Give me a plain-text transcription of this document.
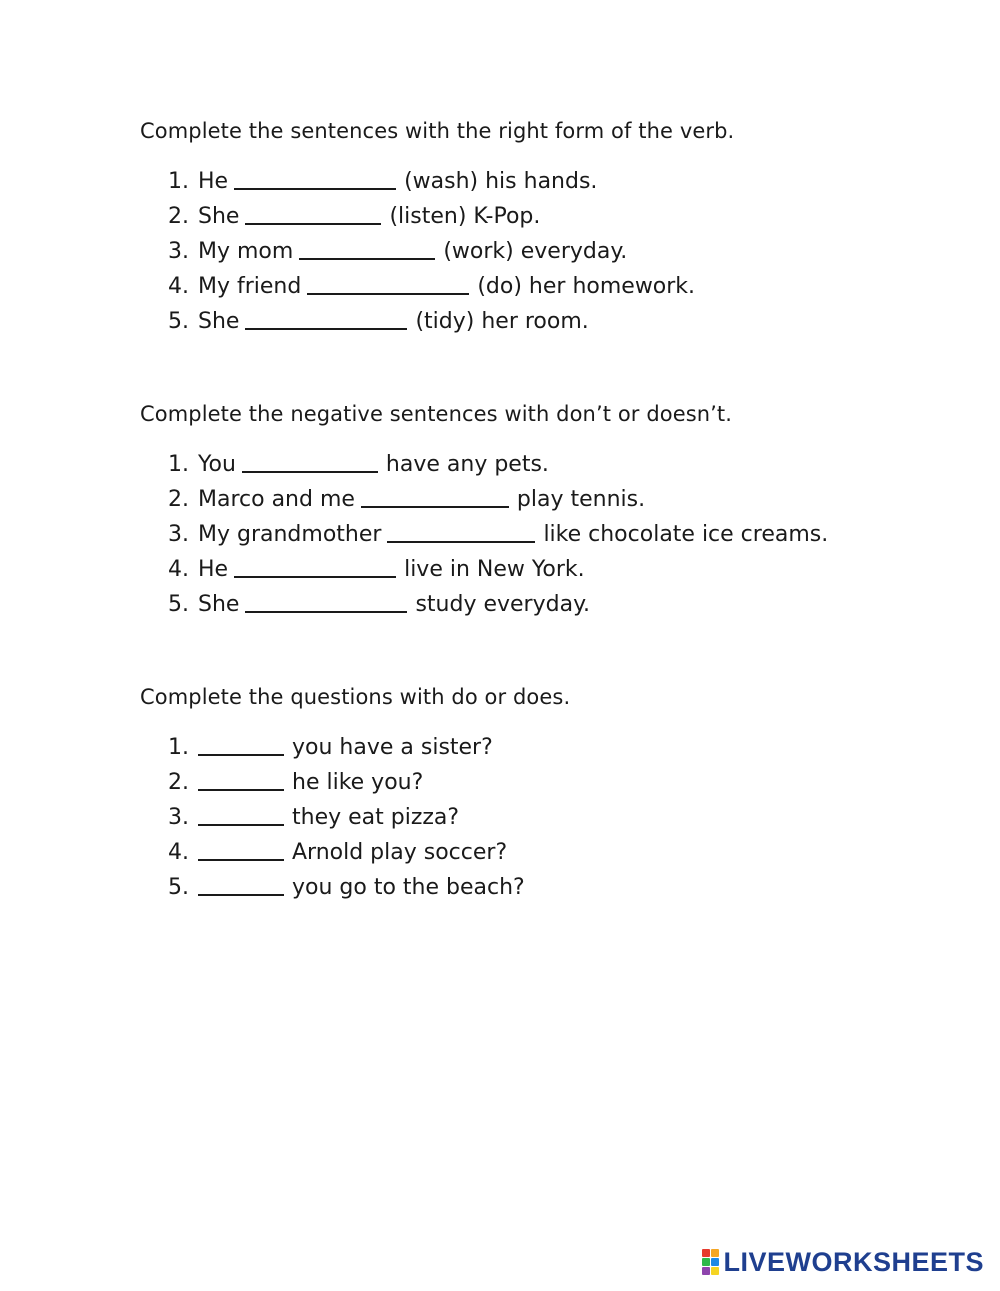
Complete the sentences with the right form of the verb.
1. He	(wash) his hands.
2. She	(listen) K-Pop.
3. My mom	(work) everyday.
4. My friend	(do) her homework.
5. She	(tidy) her room.
Complete the negative sentences with don’t or doesn’t.
1. You	have any pets.
2. Marco and me	play tennis.
3. My grandmother	like chocolate ice creams.
4. He	live in New York.
5. She	study everyday.
Complete the questions with do or does.
1.	you have a sister?
2.	he like you?
3.	they eat pizza?
4.	Arnold play soccer?
5.	you go to the beach?
LIVEWORKSHEETS
